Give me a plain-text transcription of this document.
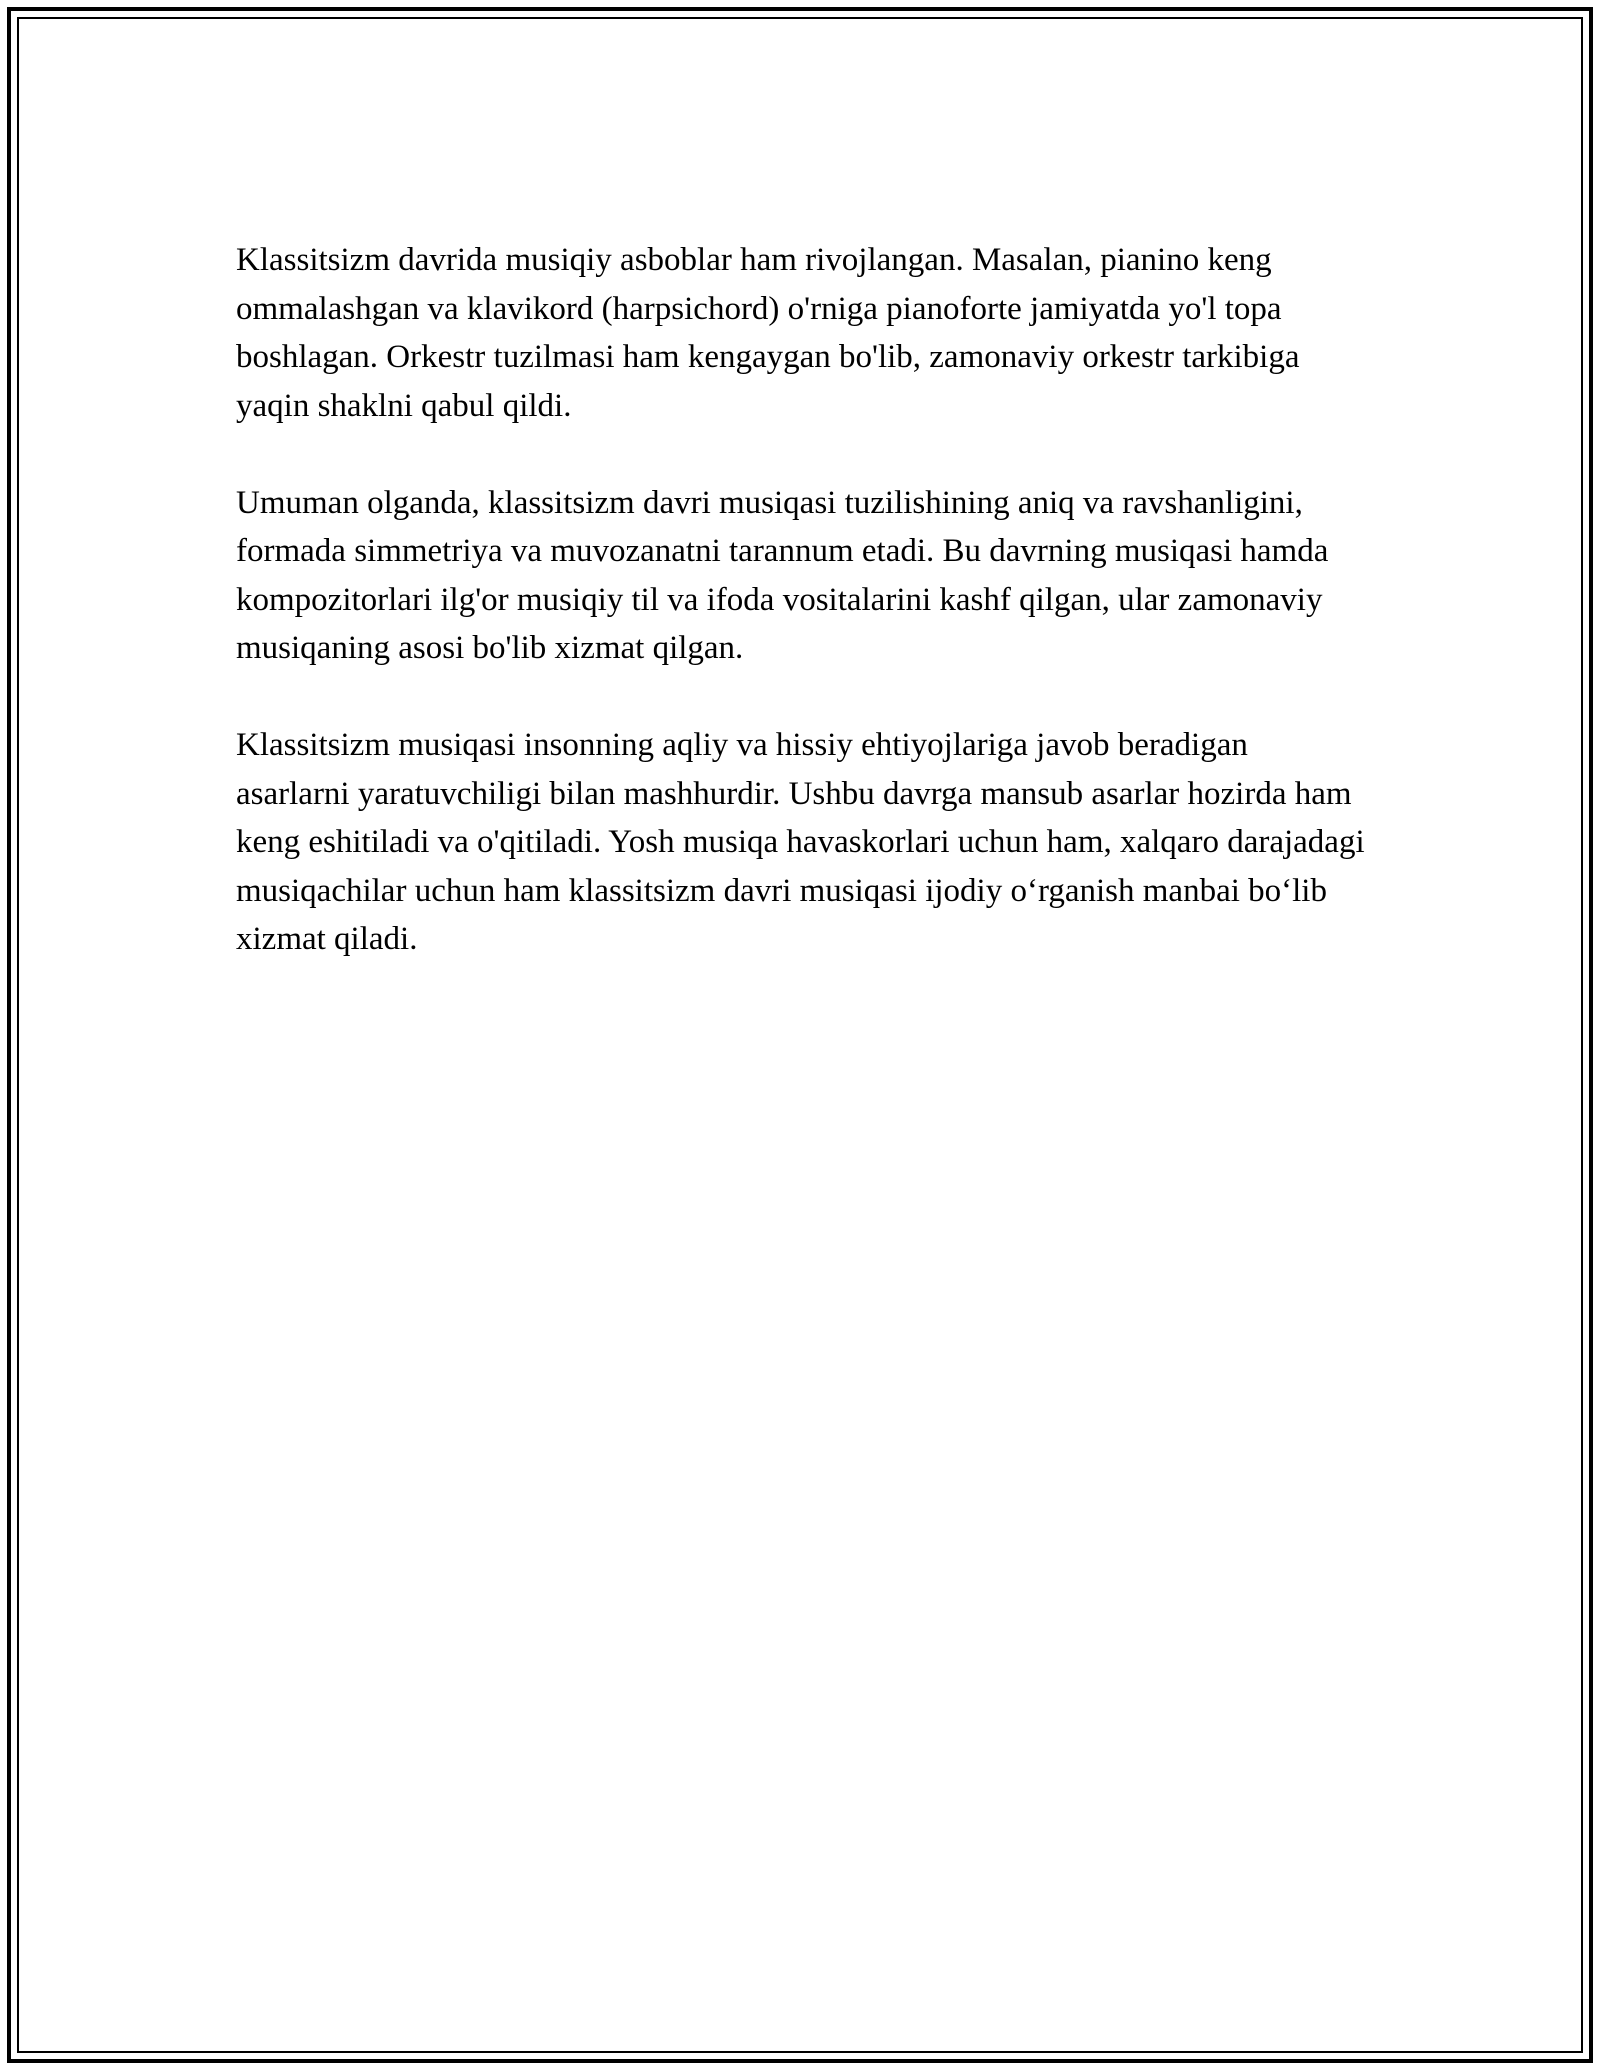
Klassitsizm davrida musiqiy asboblar ham rivojlangan. Masalan, pianino keng ommalashgan va klavikord (harpsichord) o'rniga pianoforte jamiyatda yo'l topa boshlagan. Orkestr tuzilmasi ham kengaygan bo'lib, zamonaviy orkestr tarkibiga yaqin shaklni qabul qildi.

Umuman olganda, klassitsizm davri musiqasi tuzilishining aniq va ravshanligini, formada simmetriya va muvozanatni tarannum etadi. Bu davrning musiqasi hamda kompozitorlari ilg'or musiqiy til va ifoda vositalarini kashf qilgan, ular zamonaviy musiqaning asosi bo'lib xizmat qilgan.

Klassitsizm musiqasi insonning aqliy va hissiy ehtiyojlariga javob beradigan asarlarni yaratuvchiligi bilan mashhurdir. Ushbu davrga mansub asarlar hozirda ham keng eshitiladi va o'qitiladi. Yosh musiqa havaskorlari uchun ham, xalqaro darajadagi musiqachilar uchun ham klassitsizm davri musiqasi ijodiy o‘rganish manbai bo‘lib xizmat qiladi.
